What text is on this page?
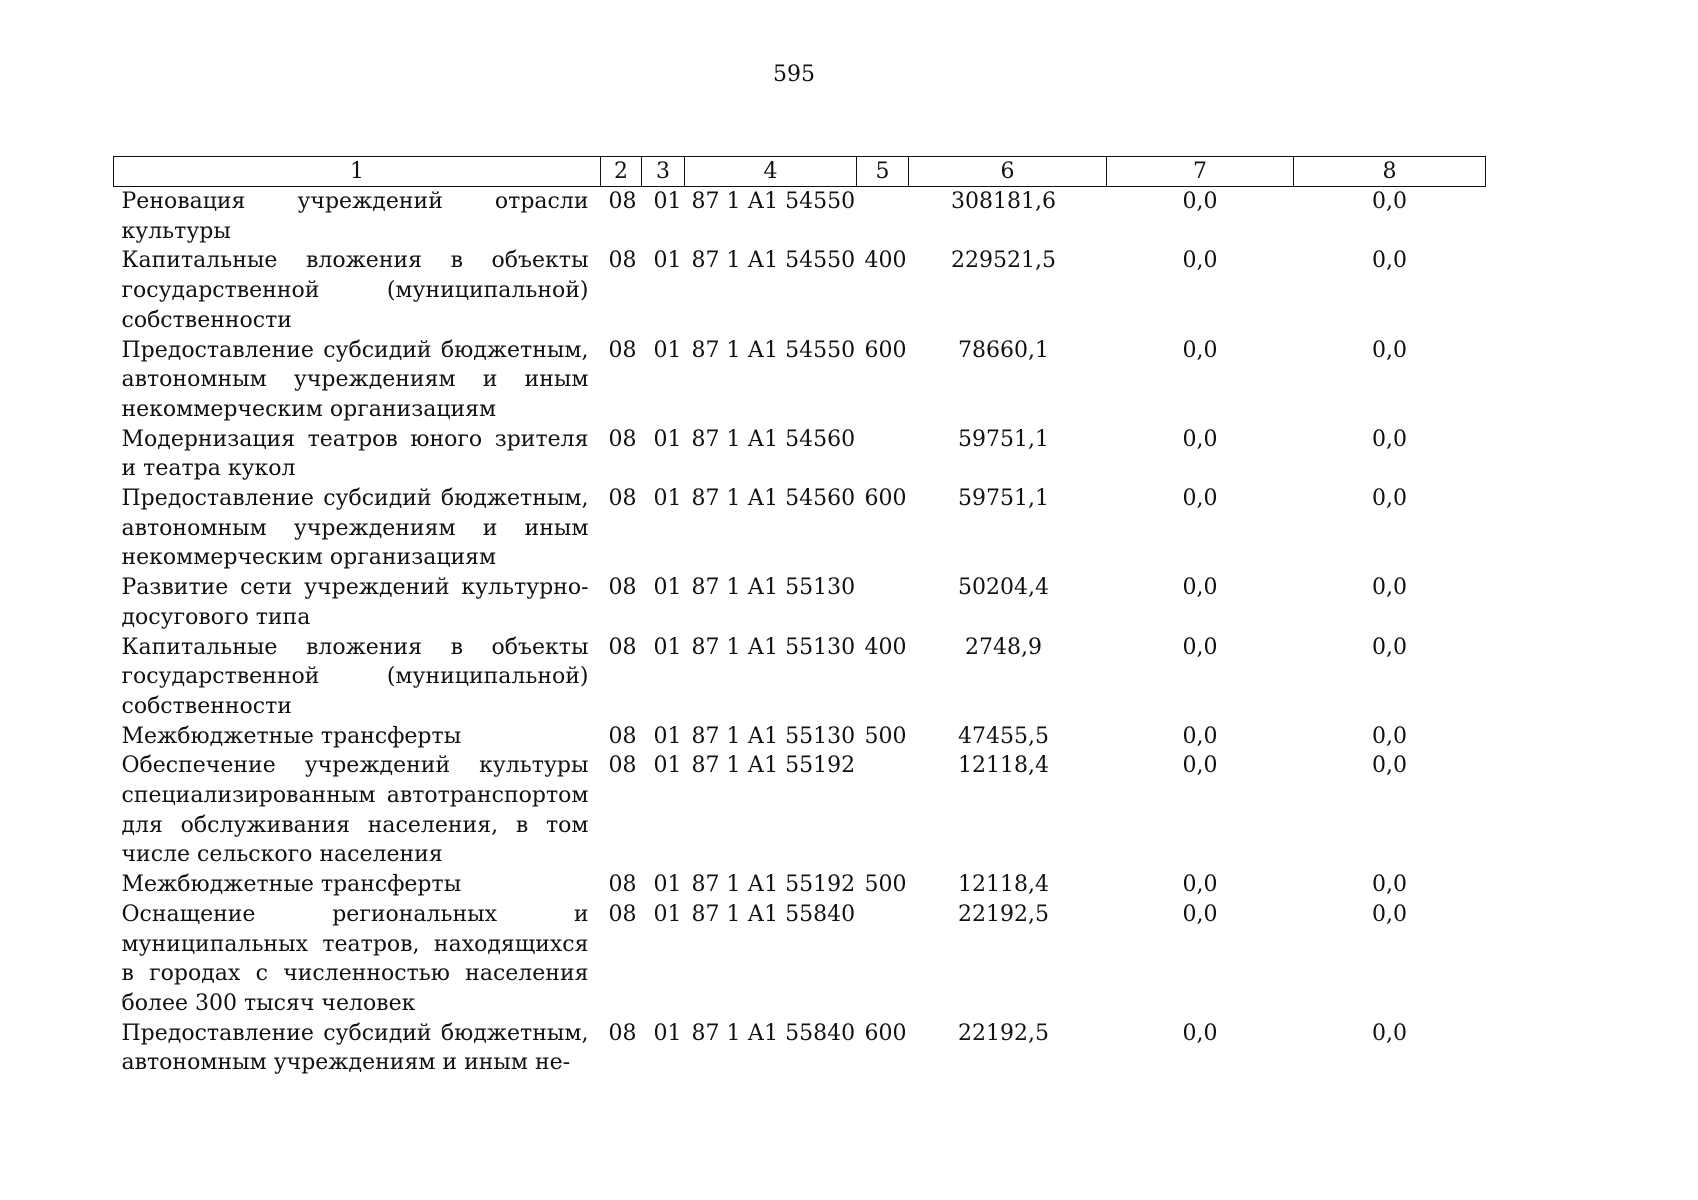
595
1	2	3	4	5	6	7	8
Реновация учреждений отрасли культуры	08	01	87 1 А1 54550		308181,6	0,0	0,0
Капитальные вложения в объекты государственной (муниципальной) собственности	08	01	87 1 А1 54550	400	229521,5	0,0	0,0
Предоставление субсидий бюджетным, автономным учреждениям и иным некоммерческим организациям	08	01	87 1 А1 54550	600	78660,1	0,0	0,0
Модернизация театров юного зрителя и театра кукол	08	01	87 1 А1 54560		59751,1	0,0	0,0
Предоставление субсидий бюджетным, автономным учреждениям и иным некоммерческим организациям	08	01	87 1 А1 54560	600	59751,1	0,0	0,0
Развитие сети учреждений культурно-досугового типа	08	01	87 1 А1 55130		50204,4	0,0	0,0
Капитальные вложения в объекты государственной (муниципальной) собственности	08	01	87 1 А1 55130	400	2748,9	0,0	0,0
Межбюджетные трансферты	08	01	87 1 А1 55130	500	47455,5	0,0	0,0
Обеспечение учреждений культуры специализированным автотранспортом для обслуживания населения, в том числе сельского населения	08	01	87 1 А1 55192		12118,4	0,0	0,0
Межбюджетные трансферты	08	01	87 1 А1 55192	500	12118,4	0,0	0,0
Оснащение региональных и муниципальных театров, находящихся в городах с численностью населения более 300 тысяч человек	08	01	87 1 А1 55840		22192,5	0,0	0,0
Предоставление субсидий бюджетным, автономным учреждениям и иным не-	08	01	87 1 А1 55840	600	22192,5	0,0	0,0
